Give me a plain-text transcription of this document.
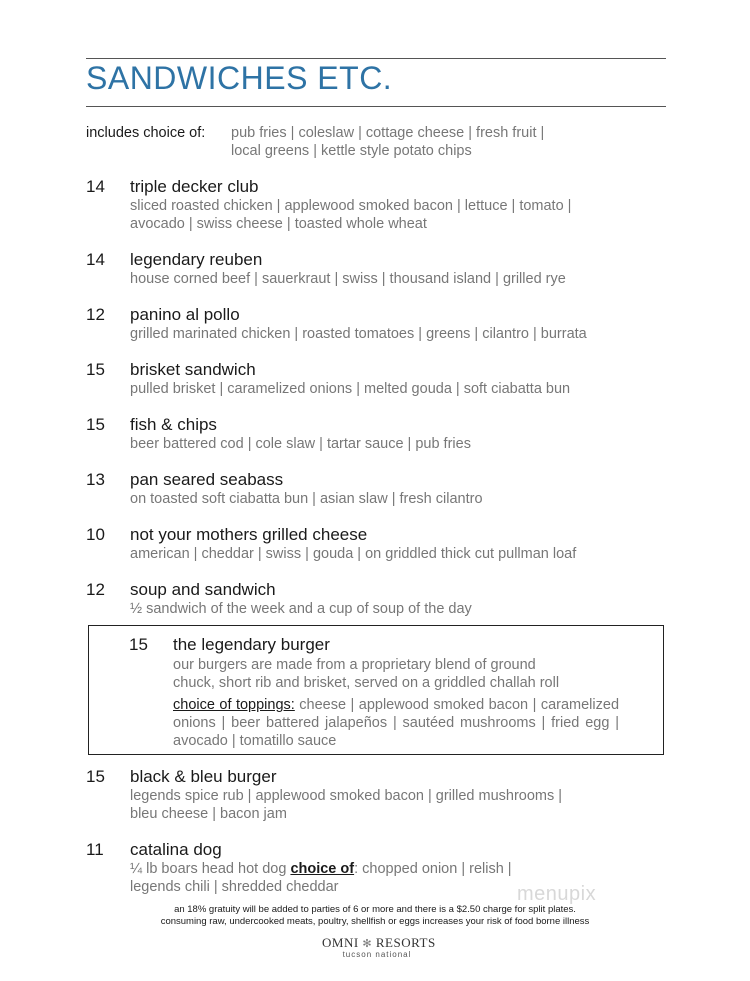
SANDWICHES ETC.
includes choice of: pub fries | coleslaw | cottage cheese | fresh fruit |
local greens | kettle style potato chips
14 triple decker club
sliced roasted chicken | applewood smoked bacon | lettuce | tomato |
avocado | swiss cheese | toasted whole wheat
14 legendary reuben
house corned beef | sauerkraut | swiss | thousand island | grilled rye
12 panino al pollo
grilled marinated chicken | roasted tomatoes | greens | cilantro | burrata
15 brisket sandwich
pulled brisket | caramelized onions | melted gouda | soft ciabatta bun
15 fish & chips
beer battered cod | cole slaw | tartar sauce | pub fries
13 pan seared seabass
on toasted soft ciabatta bun | asian slaw | fresh cilantro
10 not your mothers grilled cheese
american | cheddar | swiss | gouda | on griddled thick cut pullman loaf
12 soup and sandwich
½ sandwich of the week and a cup of soup of the day
15 the legendary burger
our burgers are made from a proprietary blend of ground
chuck, short rib and brisket, served on a griddled challah roll
choice of toppings: cheese | applewood smoked bacon | caramelized onions | beer battered jalapeños | sautéed mushrooms | fried egg | avocado | tomatillo sauce
15 black & bleu burger
legends spice rub | applewood smoked bacon | grilled mushrooms |
bleu cheese | bacon jam
11 catalina dog
¼ lb boars head hot dog choice of: chopped onion | relish |
legends chili | shredded cheddar	menupix
an 18% gratuity will be added to parties of 6 or more and there is a $2.50 charge for split plates.
consuming raw, undercooked meats, poultry, shellfish or eggs increases your risk of food borne illness
OMNI ✻ RESORTS
tucson national
